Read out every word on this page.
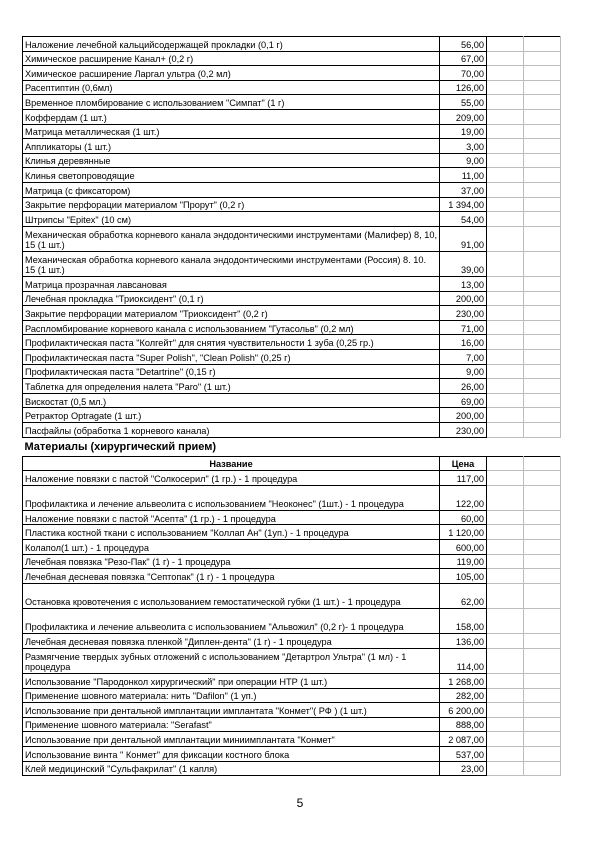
Наложение лечебной кальцийсодержащей прокладки (0,1 г)	56,00		
Химическое расширение Канал+ (0,2 г)	67,00		
Химическое расширение Ларгал ультра (0,2 мл)	70,00		
Расептиптин (0,6мл)	126,00		
Временное пломбирование с использованием "Симпат" (1 г)	55,00		
Коффердам (1 шт.)	209,00		
Матрица металлическая (1 шт.)	19,00		
Аппликаторы (1 шт.)	3,00		
Клинья деревянные	9,00		
Клинья светопроводящие	11,00		
Матрица (с фиксатором)	37,00		
Закрытие перфорации материалом "Прорут" (0,2 г)	1 394,00		
Штрипсы "Epitex" (10 см)	54,00		
Механическая обработка корневого канала эндодонтическими инструментами (Малифер) 8, 10, 15 (1 шт.)	91,00		
Механическая обработка корневого канала эндодонтическими инструментами (Россия) 8. 10. 15 (1 шт.)	39,00		
Матрица прозрачная лавсановая	13,00		
Лечебная прокладка "Триоксидент" (0,1 г)	200,00		
Закрытие перфорации материалом "Триоксидент" (0,2 г)	230,00		
Распломбирование корневого канала с использованием "Гутасольв" (0,2 мл)	71,00		
Профилактическая паста "Колгейт" для снятия чувствительности 1 зуба (0,25 гр.)	16,00		
Профилактическая паста "Super Polish", "Clean Polish" (0,25 г)	7,00		
Профилактическая паста "Detartrine" (0,15 г)	9,00		
Таблетка для определения налета "Paro" (1 шт.)	26,00		
Вискостат (0,5 мл.)	69,00		
Ретрактор Optragate (1 шт.)	200,00		
Пасфайлы (обработка 1 корневого канала)	230,00		
Материалы (хирургический прием)			
Название	Цена		
Наложение повязки с пастой "Солкосерил" (1 гр.) - 1 процедура	117,00		
Профилактика и лечение альвеолита с использованием "Неоконес" (1шт.) - 1 процедура	122,00		
Наложение повязки с пастой "Асепта" (1 гр.) - 1 процедура	60,00		
Пластика костной ткани с использованием "Коллап Ан" (1уп.) - 1 процедура	1 120,00		
Колапол(1 шт.) - 1 процедура	600,00		
Лечебная повязка "Резо-Пак" (1 г) - 1 процедура	119,00		
Лечебная десневая повязка "Септопак" (1 г) - 1 процедура	105,00		
Остановка кровотечения с использованием гемостатической губки (1 шт.) - 1 процедура	62,00		
Профилактика и лечение альвеолита с использованием "Альвожил" (0,2 г)- 1 процедура	158,00		
Лечебная десневая повязка пленкой "Диплен-дента" (1 г) - 1 процедура	136,00		
Размягчение твердых зубных отложений с использованием "Детартрол Ультра" (1 мл) - 1 процедура	114,00		
Использование "Пародонкол хирургический" при операции НТР (1 шт.)	1 268,00		
Применение шовного материала: нить "Dafilon" (1 уп.)	282,00		
Использование при дентальной имплантации имплантата "Конмет"( РФ ) (1 шт.)	6 200,00		
Применение шовного материала: "Serafast"	888,00		
Использование при дентальной имплантации миниимплантата "Конмет"	2 087,00		
Использование винта " Конмет" для фиксации костного блока	537,00		
Клей медицинский "Сульфакрилат" (1 капля)	23,00		
5
